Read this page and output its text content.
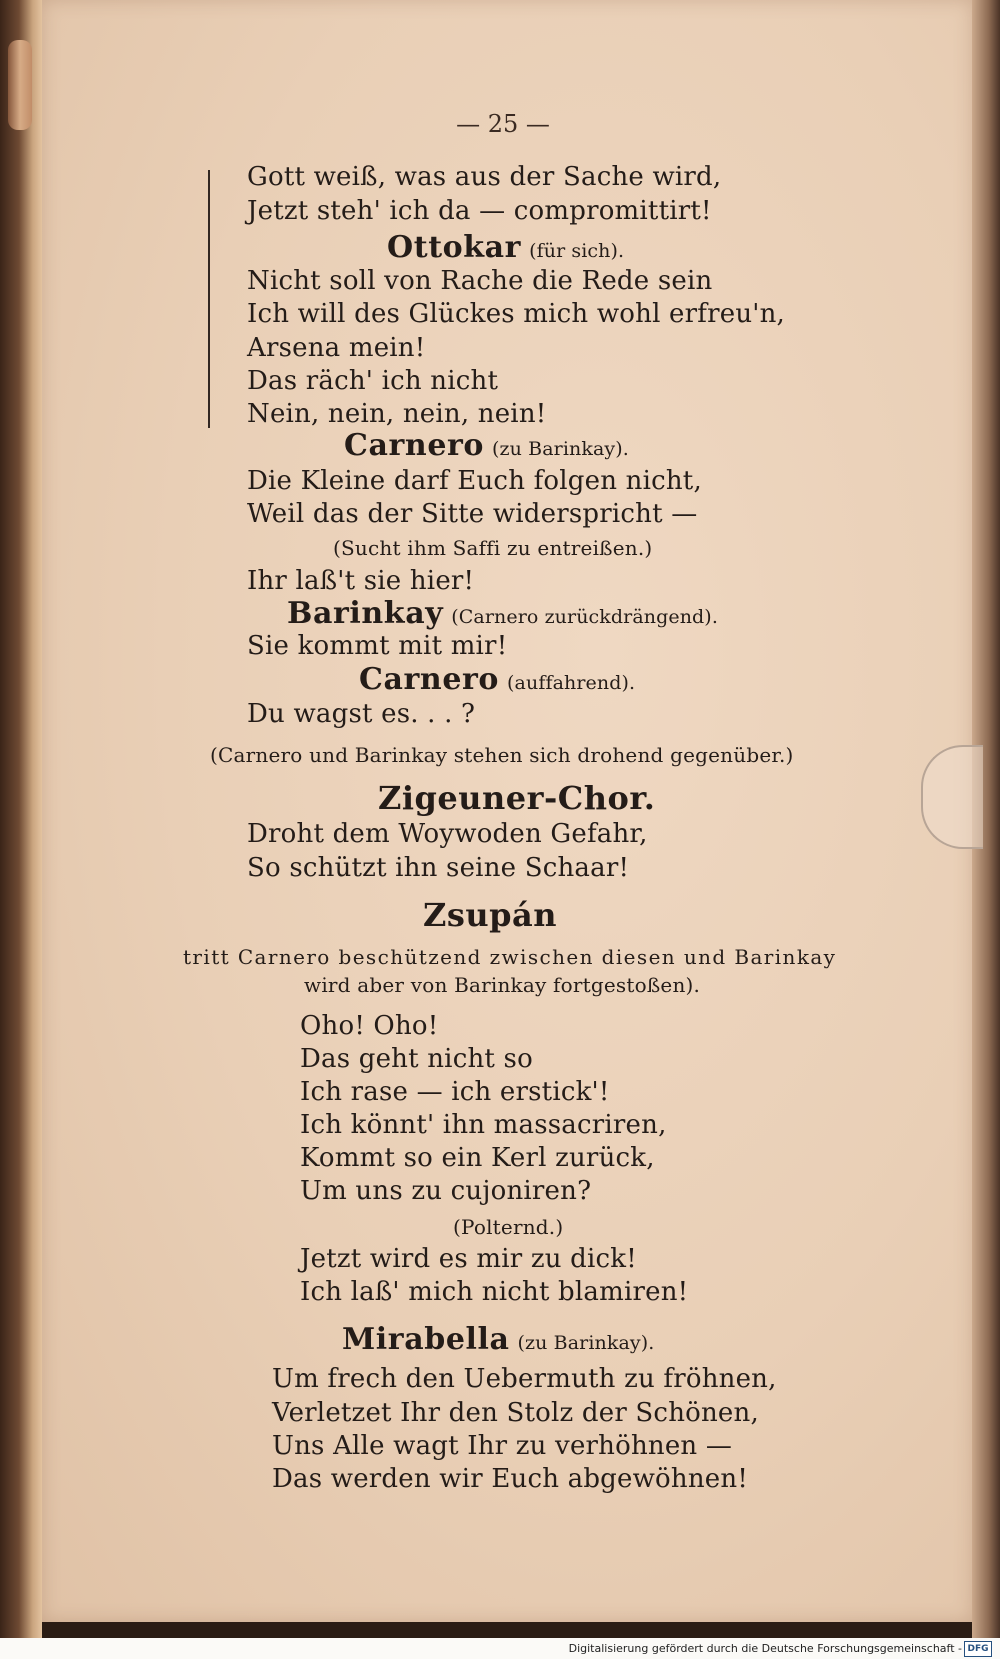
— 25 —
Gott weiß, was aus der Sache wird,
Jetzt steh' ich da — compromittirt!
Ottokar (für sich).
Nicht soll von Rache die Rede sein
Ich will des Glückes mich wohl erfreu'n,
Arsena mein!
Das räch' ich nicht
Nein, nein, nein, nein!
Carnero (zu Barinkay).
Die Kleine darf Euch folgen nicht,
Weil das der Sitte widerspricht —
(Sucht ihm Saffi zu entreißen.)
Ihr laß't sie hier!
Barinkay (Carnero zurückdrängend).
Sie kommt mit mir!
Carnero (auffahrend).
Du wagst es. . . ?
(Carnero und Barinkay stehen sich drohend gegenüber.)
Zigeuner-Chor.
Droht dem Woywoden Gefahr,
So schützt ihn seine Schaar!
Zsupán
tritt Carnero beschützend zwischen diesen und Barinkay
wird aber von Barinkay fortgestoßen).
Oho! Oho!
Das geht nicht so
Ich rase — ich erstick'!
Ich könnt' ihn massacriren,
Kommt so ein Kerl zurück,
Um uns zu cujoniren?
(Polternd.)
Jetzt wird es mir zu dick!
Ich laß' mich nicht blamiren!
Mirabella (zu Barinkay).
Um frech den Uebermuth zu fröhnen,
Verletzet Ihr den Stolz der Schönen,
Uns Alle wagt Ihr zu verhöhnen —
Das werden wir Euch abgewöhnen!
Digitalisierung gefördert durch die Deutsche Forschungsgemeinschaft - DFG
